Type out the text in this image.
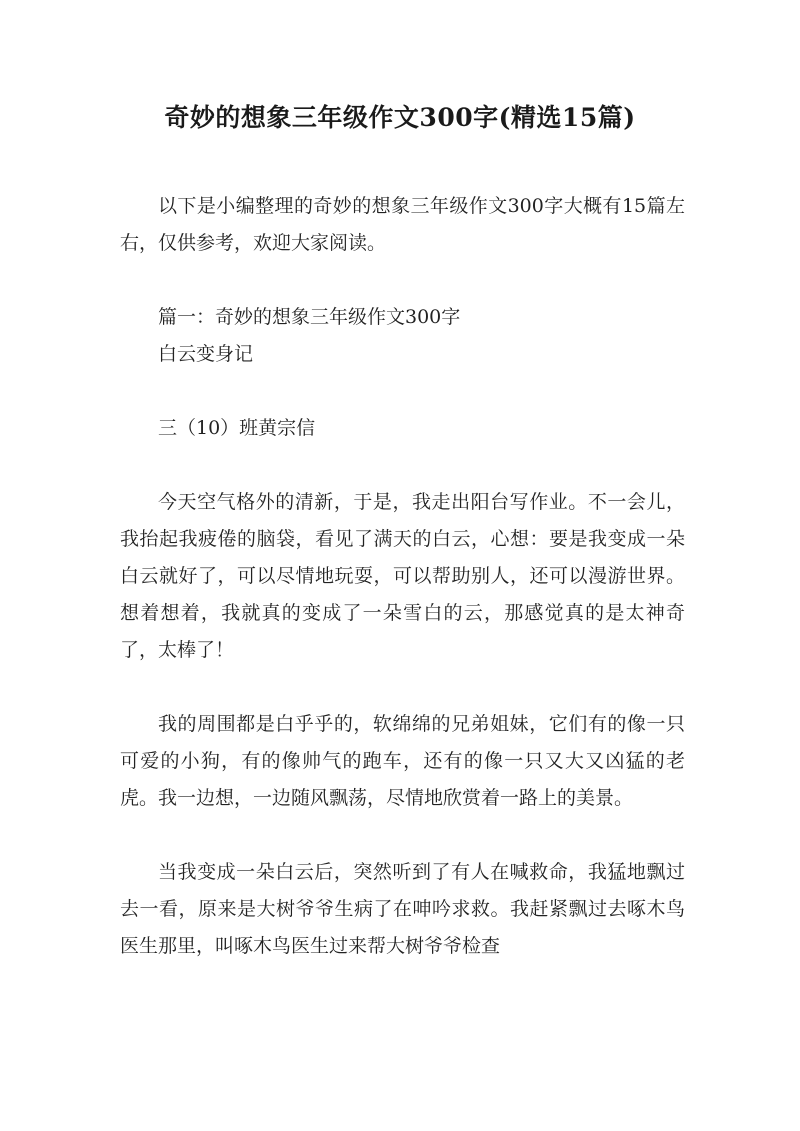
奇妙的想象三年级作文300字(精选15篇)

以下是小编整理的奇妙的想象三年级作文300字大概有15篇左右，仅供参考，欢迎大家阅读。

篇一：奇妙的想象三年级作文300字

白云变身记

三（10）班黄宗信

今天空气格外的清新，于是，我走出阳台写作业。不一会儿，我抬起我疲倦的脑袋，看见了满天的白云，心想：要是我变成一朵白云就好了，可以尽情地玩耍，可以帮助别人，还可以漫游世界。想着想着，我就真的变成了一朵雪白的云，那感觉真的是太神奇了，太棒了！

我的周围都是白乎乎的，软绵绵的兄弟姐妹，它们有的像一只可爱的小狗，有的像帅气的跑车，还有的像一只又大又凶猛的老虎。我一边想，一边随风飘荡，尽情地欣赏着一路上的美景。

当我变成一朵白云后，突然听到了有人在喊救命，我猛地飘过去一看，原来是大树爷爷生病了在呻吟求救。我赶紧飘过去啄木鸟医生那里，叫啄木鸟医生过来帮大树爷爷检查
